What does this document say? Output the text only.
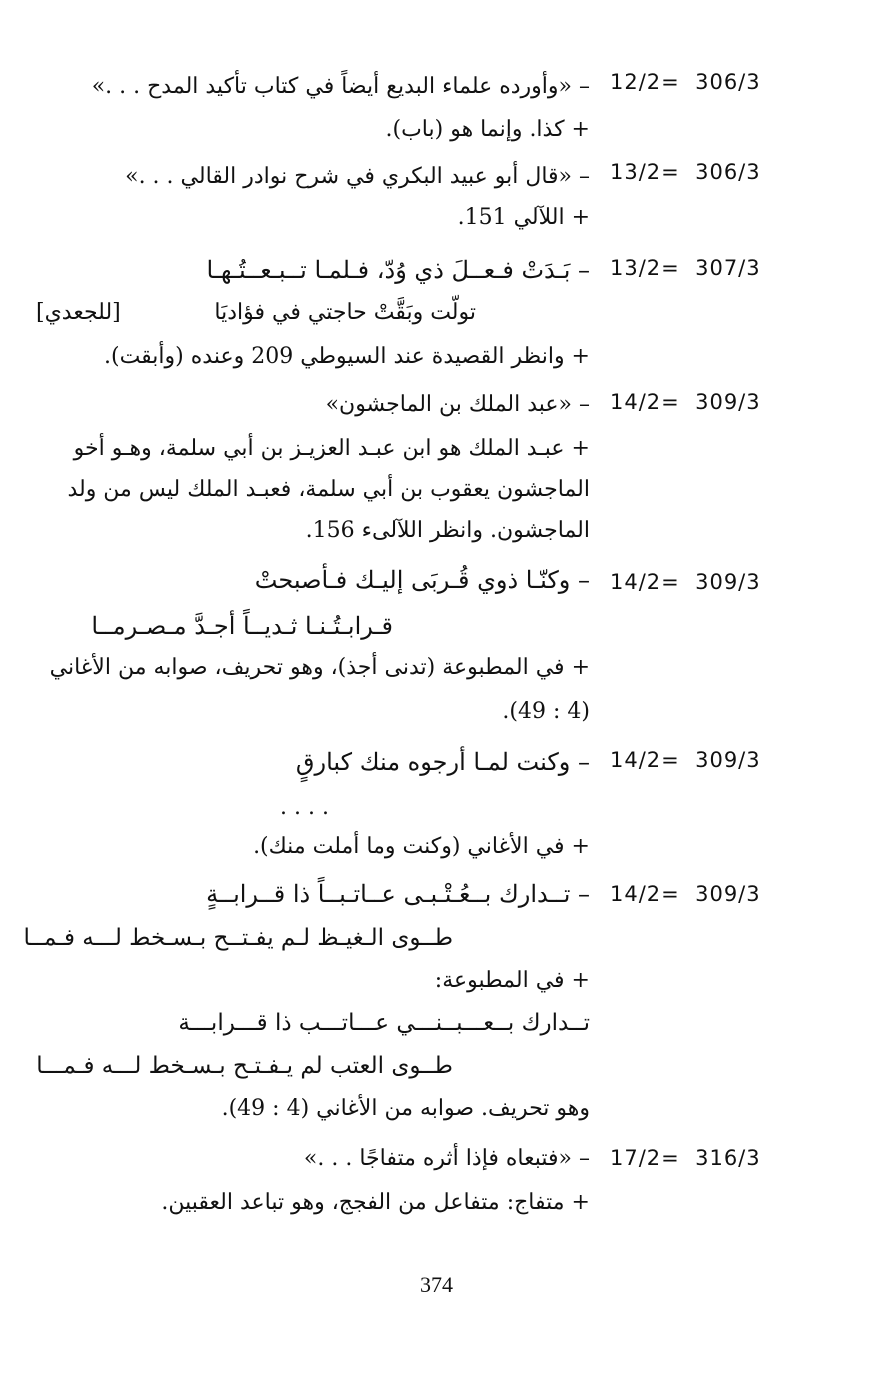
12/2=  306/3
– «وأورده علماء البديع أيضاً في كتاب تأكيد المدح . . .»
+ كذا. وإنما هو (باب).
13/2=  306/3
– «قال أبو عبيد البكري في شرح نوادر القالي . . .»
+ اللآلي 151.
13/2=  307/3
– بَـدَتْ فـعــلَ ذي وُدّ، فـلمـا تــبـعــتُـهـا
تولّت وبَقَّتْ حاجتي في فؤاديَا
[للجعدي]
+ وانظر القصيدة عند السيوطي 209 وعنده (وأبقت).
14/2=  309/3
– «عبد الملك بن الماجشون»
+ عبـد الملك هو ابن عبـد العزيـز بن أبي سلمة، وهـو أخو
الماجشون يعقوب بن أبي سلمة، فعبـد الملك ليس من ولد
الماجشون. وانظر اللآلىء 156.
14/2=  309/3
– وكنّـا ذوي قُـربَى إليـك فـأصبحتْ
قـرابـتُـنـا ثـديــاً أجـدَّ مـصـرمــا
+ في المطبوعة (تدنى أجذ)، وهو تحريف، صوابه من الأغاني
(4 : 49).
14/2=  309/3
– وكنت لمـا أرجوه منك كبارقٍ
. . . .
+ في الأغاني (وكنت وما أملت منك).
14/2=  309/3
– تــدارك بــعُـتْـبـى عــاتـبــاً ذا قــرابــةٍ
طــوى الـغيـظ لـم يفـتــح بـسـخط لـــه فـمــا
+ في المطبوعة:
تــدارك بــعـــبــنـــي عـــاتـــب ذا قـــرابـــة
طــوى العتب لم يـفـتـح بـسـخط لـــه فـمـــا
وهو تحريف. صوابه من الأغاني (4 : 49).
17/2=  316/3
– «فتبعاه فإذا أثره متفاجًا . . .»
+ متفاج: متفاعل من الفجج، وهو تباعد العقبين.
374
